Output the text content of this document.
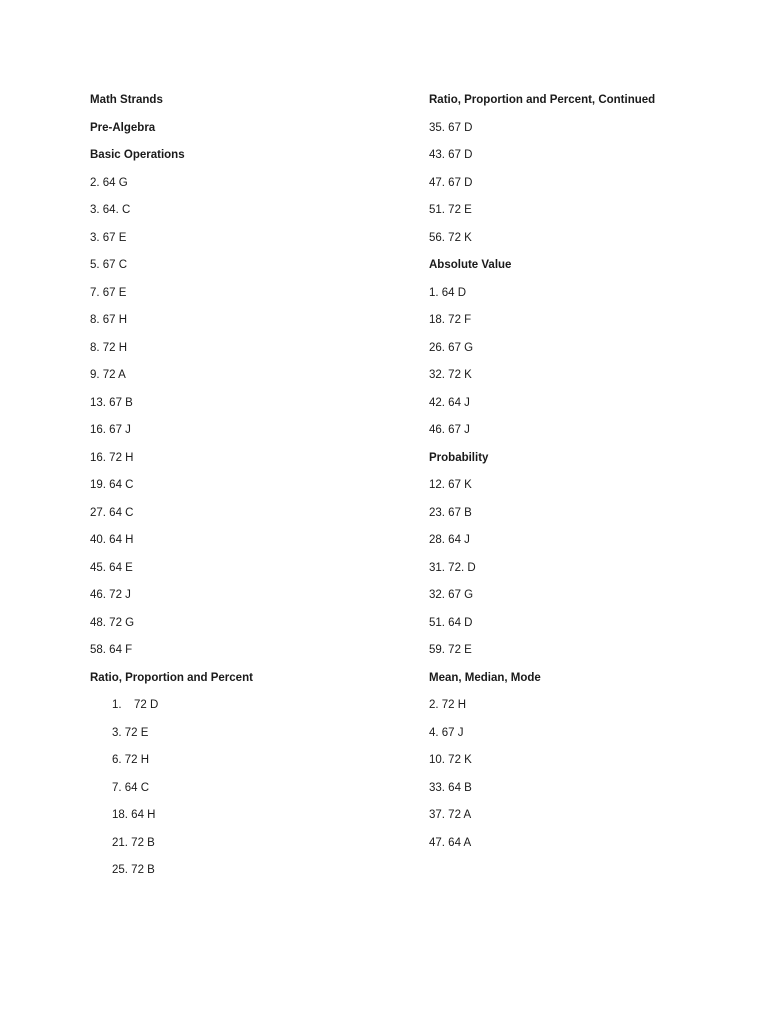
Math Strands
Pre-Algebra
Basic Operations
2. 64 G
3. 64. C
3. 67 E
5. 67 C
7. 67 E
8. 67 H
8. 72 H
9. 72 A
13. 67 B
16. 67 J
16. 72 H
19. 64 C
27. 64 C
40. 64 H
45. 64 E
46. 72 J
48. 72 G
58. 64 F
Ratio, Proportion and Percent
1. 72 D
3. 72 E
6. 72 H
7. 64 C
18. 64 H
21. 72 B
25. 72 B
Ratio, Proportion and Percent, Continued
35. 67 D
43. 67 D
47. 67 D
51. 72 E
56. 72 K
Absolute Value
1. 64 D
18. 72 F
26. 67 G
32. 72 K
42. 64 J
46. 67 J
Probability
12. 67 K
23. 67 B
28. 64 J
31. 72. D
32. 67 G
51. 64 D
59. 72 E
Mean, Median, Mode
2. 72 H
4. 67 J
10. 72 K
33. 64 B
37. 72 A
47. 64 A
